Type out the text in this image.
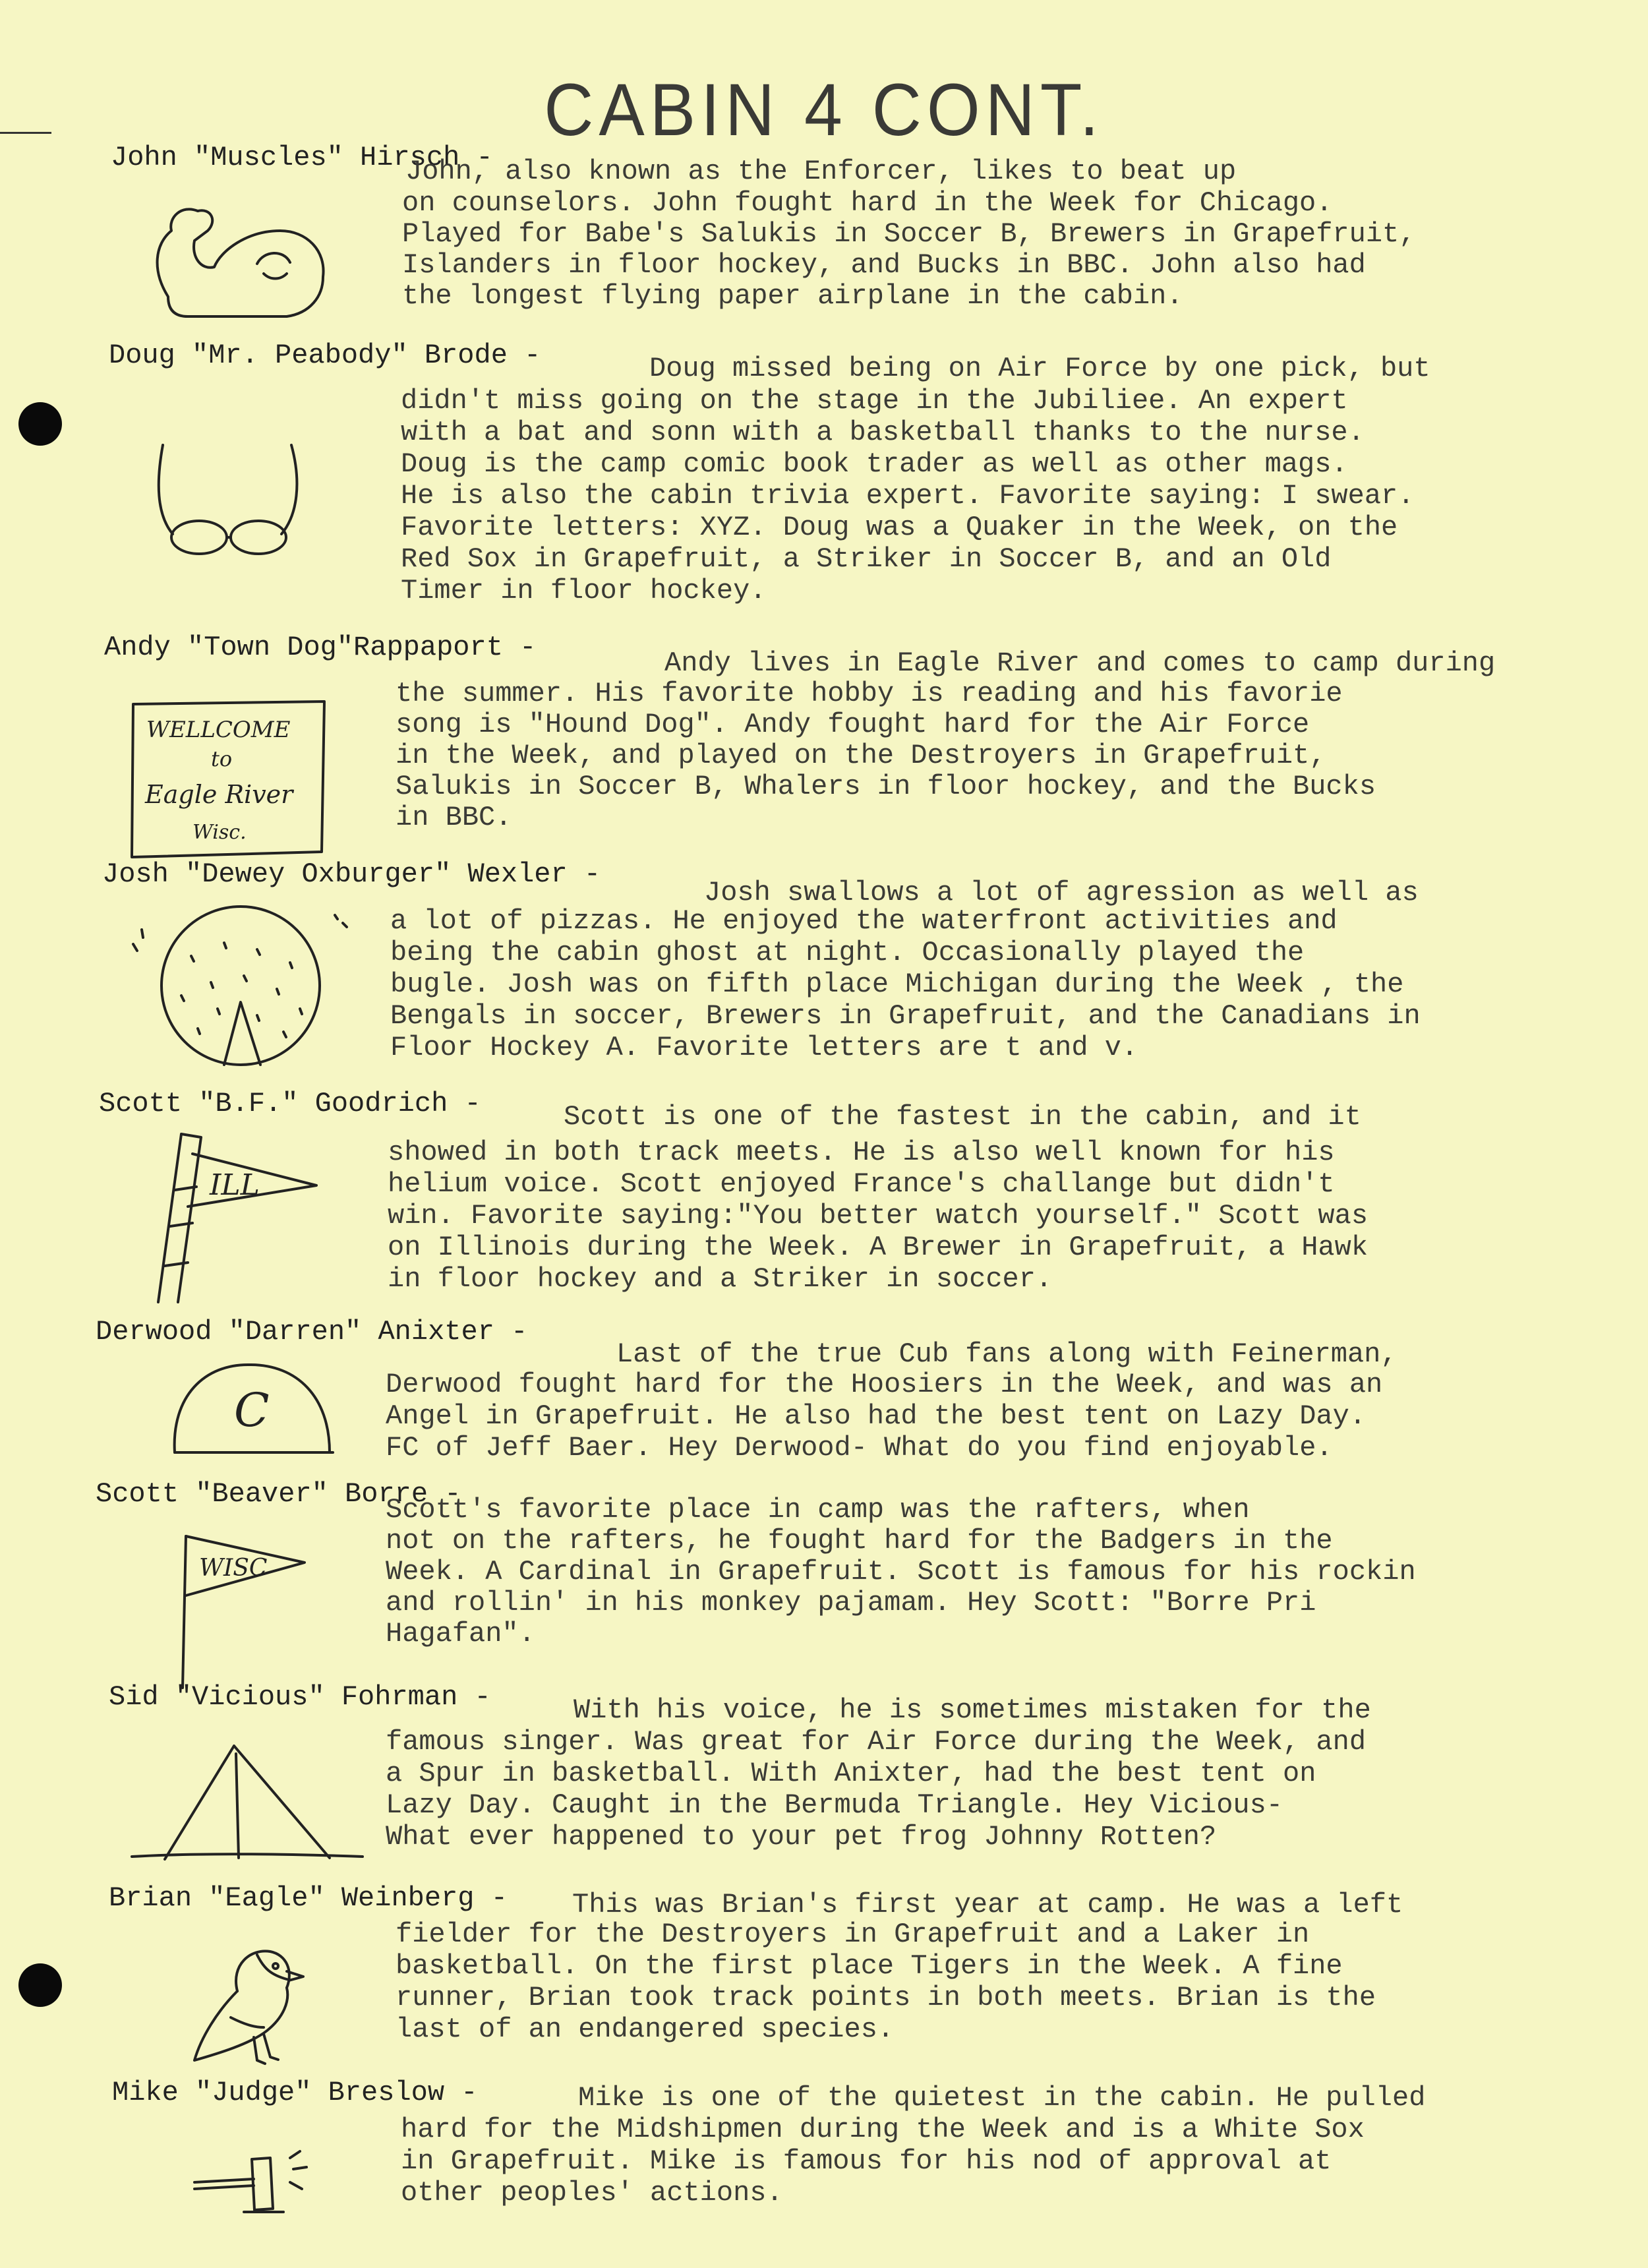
CABIN 4 CONT.
John "Muscles" Hirsch -
John, also known as the Enforcer, likes to beat up
on counselors. John fought hard in the Week for Chicago.
Played for Babe's Salukis in Soccer B, Brewers in Grapefruit,
Islanders in floor hockey, and Bucks in BBC. John also had
the longest flying paper airplane in the cabin.
Doug "Mr. Peabody" Brode -	Doug missed being on Air Force by one pick, but
didn't miss going on the stage in the Jubiliee. An expert
with a bat and sonn with a basketball thanks to the nurse.
Doug is the camp comic book trader as well as other mags.
He is also the cabin trivia expert. Favorite saying: I swear.
Favorite letters: XYZ. Doug was a Quaker in the Week, on the
Red Sox in Grapefruit, a Striker in Soccer B, and an Old
Timer in floor hockey.
Andy "Town Dog"Rappaport -	Andy lives in Eagle River and comes to camp during
the summer. His favorite hobby is reading and his favorie
song is "Hound Dog". Andy fought hard for the Air Force
in the Week, and played on the Destroyers in Grapefruit,
Salukis in Soccer B, Whalers in floor hockey, and the Bucks
in BBC.
WELLCOME
to
Eagle River
Wisc.
Josh "Dewey Oxburger" Wexler -
Josh swallows a lot of agression as well as
a lot of pizzas. He enjoyed the waterfront activities and
being the cabin ghost at night. Occasionally played the
bugle. Josh was on fifth place Michigan during the Week , the
Bengals in soccer, Brewers in Grapefruit, and the Canadians in
Floor Hockey A. Favorite letters are t and v.
Scott "B.F." Goodrich -	Scott is one of the fastest in the cabin, and it
showed in both track meets. He is also well known for his
helium voice. Scott enjoyed France's challange but didn't
win. Favorite saying:"You better watch yourself." Scott was
on Illinois during the Week. A Brewer in Grapefruit, a Hawk
in floor hockey and a Striker in soccer.
ILL
Derwood "Darren" Anixter -
Last of the true Cub fans along with Feinerman,
Derwood fought hard for the Hoosiers in the Week, and was an
Angel in Grapefruit. He also had the best tent on Lazy Day.
FC of Jeff Baer. Hey Derwood- What do you find enjoyable.
C
Scott "Beaver" Borre -
Scott's favorite place in camp was the rafters, when
not on the rafters, he fought hard for the Badgers in the
Week. A Cardinal in Grapefruit. Scott is famous for his rockin
and rollin' in his monkey pajamam. Hey Scott: "Borre Pri
Hagafan".
WISC
Sid "Vicious" Fohrman -	With his voice, he is sometimes mistaken for the
famous singer. Was great for Air Force during the Week, and
a Spur in basketball. With Anixter, had the best tent on
Lazy Day. Caught in the Bermuda Triangle. Hey Vicious-
What ever happened to your pet frog Johnny Rotten?
Brian "Eagle" Weinberg - This was Brian's first year at camp. He was a left
fielder for the Destroyers in Grapefruit and a Laker in
basketball. On the first place Tigers in the Week. A fine
runner, Brian took track points in both meets. Brian is the
last of an endangered species.
Mike "Judge" Breslow -	Mike is one of the quietest in the cabin. He pulled
hard for the Midshipmen during the Week and is a White Sox
in Grapefruit. Mike is famous for his nod of approval at
other peoples' actions.
